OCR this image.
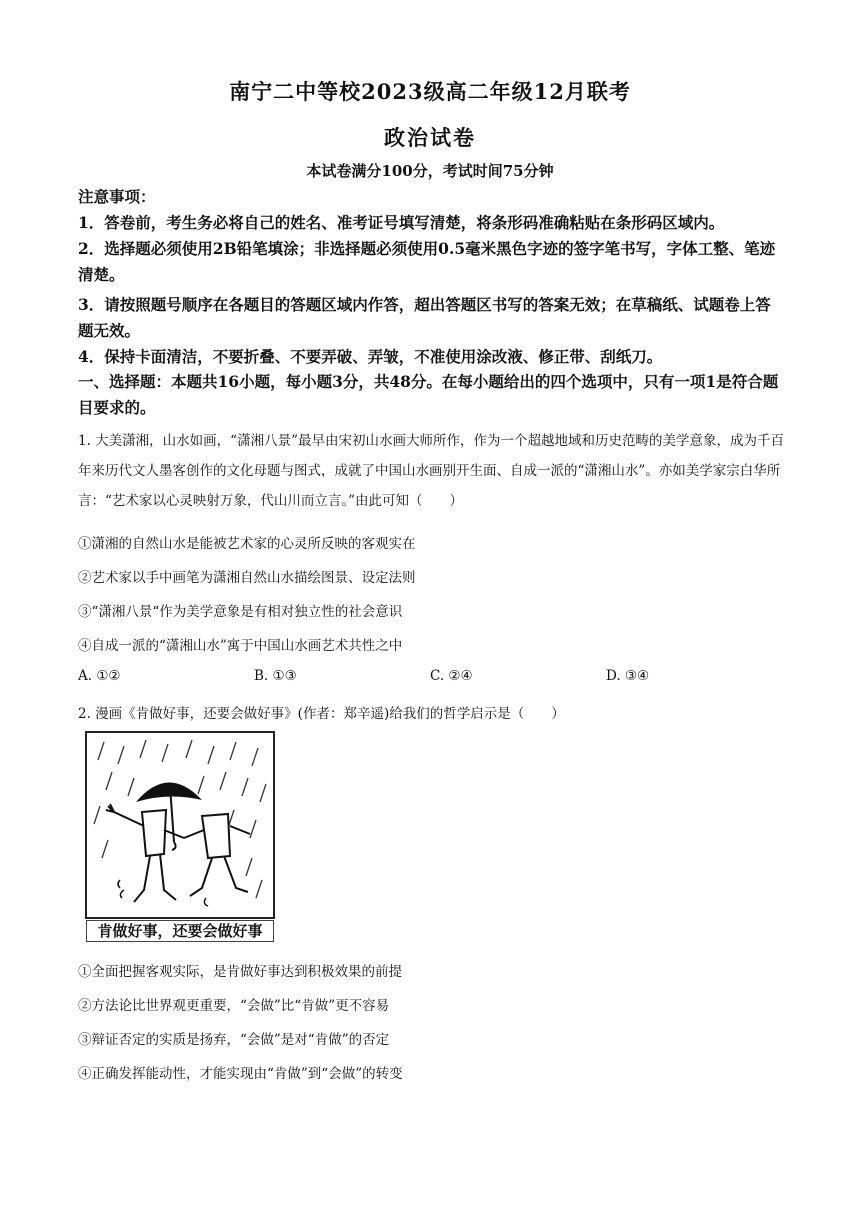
南宁二中等校2023级高二年级12月联考
政治试卷
本试卷满分100分，考试时间75分钟
注意事项：
1．答卷前，考生务必将自己的姓名、准考证号填写清楚，将条形码准确粘贴在条形码区域内。
2．选择题必须使用2B铅笔填涂；非选择题必须使用0.5毫米黑色字迹的签字笔书写，字体工整、笔迹清楚。
3．请按照题号顺序在各题目的答题区域内作答，超出答题区书写的答案无效；在草稿纸、试题卷上答题无效。
4．保持卡面清洁，不要折叠、不要弄破、弄皱，不准使用涂改液、修正带、刮纸刀。
一、选择题：本题共16小题，每小题3分，共48分。在每小题给出的四个选项中，只有一项1是符合题目要求的。
1. 大美潇湘，山水如画，“潇湘八景”最早由宋初山水画大师所作，作为一个超越地域和历史范畴的美学意象，成为千百年来历代文人墨客创作的文化母题与图式，成就了中国山水画别开生面、自成一派的“潇湘山水”。亦如美学家宗白华所言：“艺术家以心灵映射万象，代山川而立言。”由此可知（　　）
①潇湘的自然山水是能被艺术家的心灵所反映的客观实在
②艺术家以手中画笔为潇湘自然山水描绘图景、设定法则
③“潇湘八景“作为美学意象是有相对独立性的社会意识
④自成一派的“潇湘山水”寓于中国山水画艺术共性之中
A. ①②	B. ①③	C. ②④	D. ③④
2. 漫画《肯做好事，还要会做好事》(作者：郑辛遥)给我们的哲学启示是（　　）
肯做好事，还要会做好事
①全面把握客观实际，是肯做好事达到积极效果的前提
②方法论比世界观更重要，“会做”比“肯做”更不容易
③辩证否定的实质是扬弃，“会做”是对“肯做”的否定
④正确发挥能动性，才能实现由“肯做”到“会做”的转变
